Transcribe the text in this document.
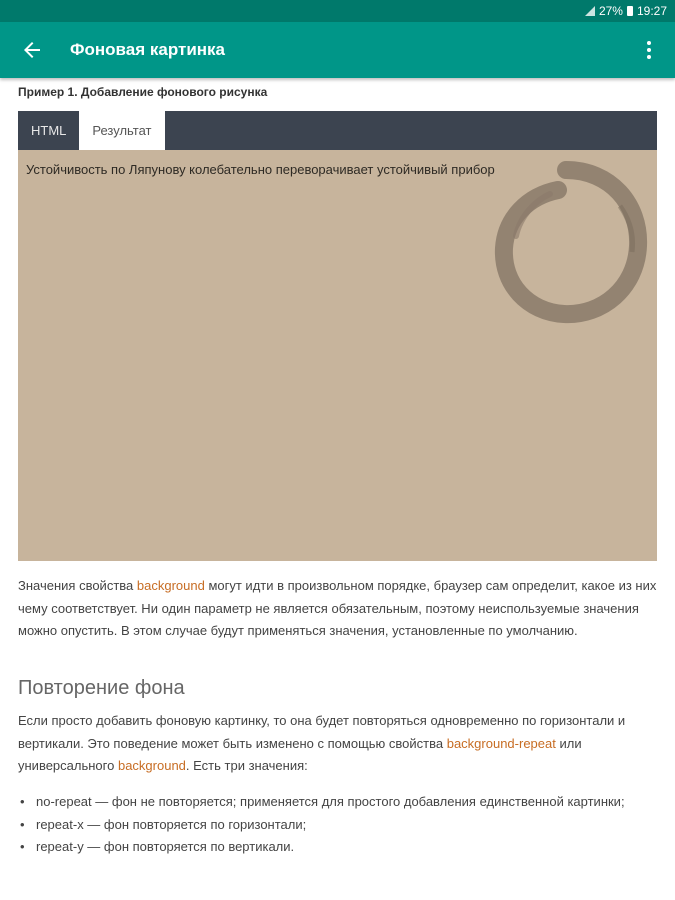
27% 19:27
Фоновая картинка
Пример 1. Добавление фонового рисунка
HTML	Результат
Устойчивость по Ляпунову колебательно переворачивает устойчивый прибор

Значения свойства background могут идти в произвольном порядке, браузер сам определит, какое из них чему соответствует. Ни один параметр не является обязательным, поэтому неиспользуемые значения можно опустить. В этом случае будут применяться значения, установленные по умолчанию.

Повторение фона

Если просто добавить фоновую картинку, то она будет повторяться одновременно по горизонтали и вертикали. Это поведение может быть изменено с помощью свойства background-repeat или универсального background. Есть три значения:

• no-repeat — фон не повторяется; применяется для простого добавления единственной картинки;
• repeat-x — фон повторяется по горизонтали;
• repeat-y — фон повторяется по вертикали.
